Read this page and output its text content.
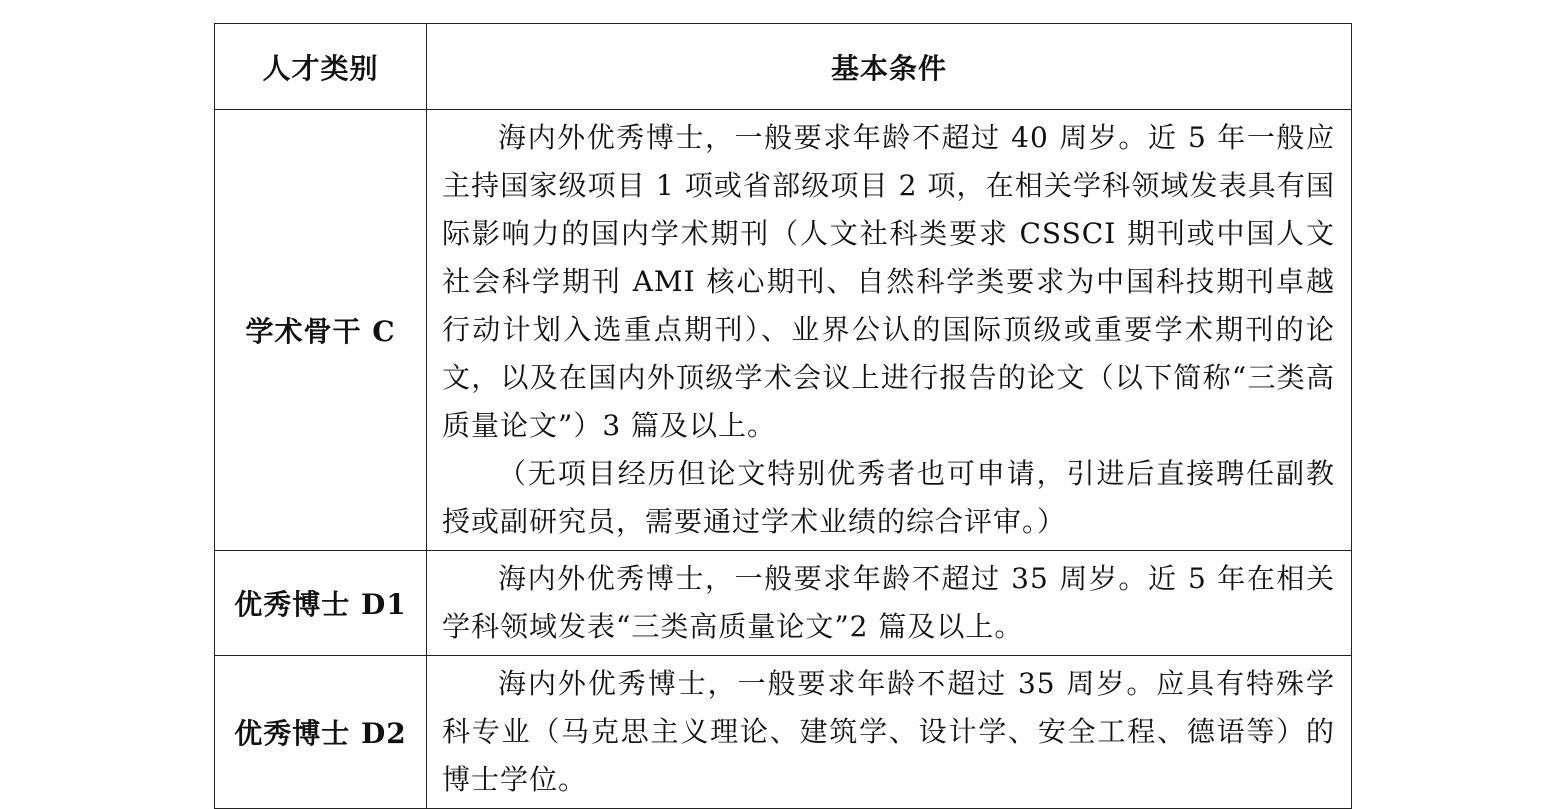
人才类别	基本条件
学术骨干 C	海内外优秀博士，一般要求年龄不超过 40 周岁。近 5 年一般应主持国家级项目 1 项或省部级项目 2 项，在相关学科领域发表具有国际影响力的国内学术期刊（人文社科类要求 CSSCI 期刊或中国人文社会科学期刊 AMI 核心期刊、自然科学类要求为中国科技期刊卓越行动计划入选重点期刊）、业界公认的国际顶级或重要学术期刊的论文，以及在国内外顶级学术会议上进行报告的论文（以下简称“三类高质量论文”）3 篇及以上。

（无项目经历但论文特别优秀者也可申请，引进后直接聘任副教授或副研究员，需要通过学术业绩的综合评审。）

优秀博士 D1	海内外优秀博士，一般要求年龄不超过 35 周岁。近 5 年在相关学科领域发表“三类高质量论文”2 篇及以上。

优秀博士 D2	海内外优秀博士，一般要求年龄不超过 35 周岁。应具有特殊学科专业（马克思主义理论、建筑学、设计学、安全工程、德语等）的博士学位。
